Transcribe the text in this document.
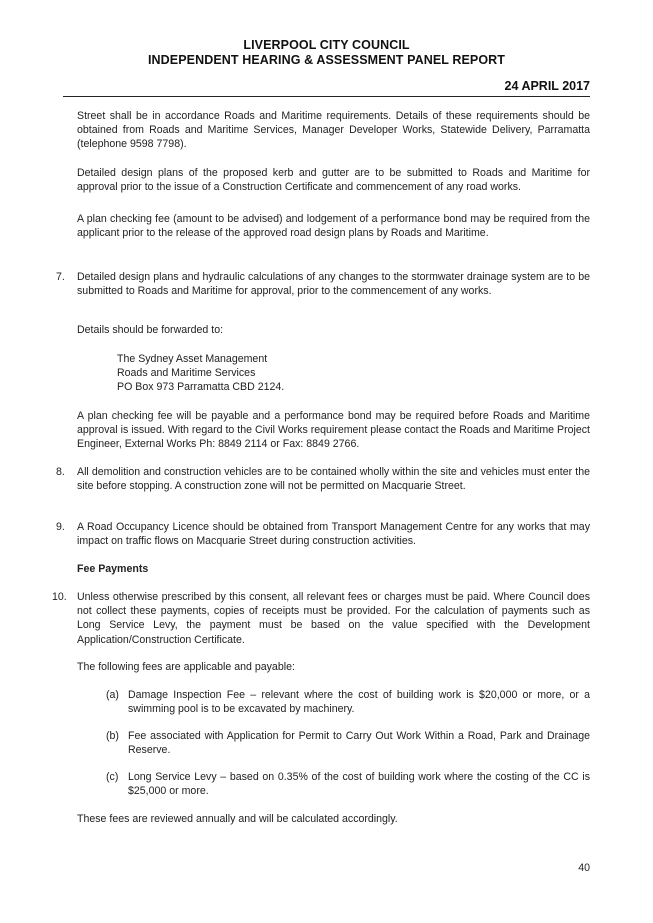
LIVERPOOL CITY COUNCIL
INDEPENDENT HEARING & ASSESSMENT PANEL REPORT
24 APRIL 2017

Street shall be in accordance Roads and Maritime requirements. Details of these requirements should be obtained from Roads and Maritime Services, Manager Developer Works, Statewide Delivery, Parramatta (telephone 9598 7798).

Detailed design plans of the proposed kerb and gutter are to be submitted to Roads and Maritime for approval prior to the issue of a Construction Certificate and commencement of any road works.

A plan checking fee (amount to be advised) and lodgement of a performance bond may be required from the applicant prior to the release of the approved road design plans by Roads and Maritime.

7.	Detailed design plans and hydraulic calculations of any changes to the stormwater drainage system are to be submitted to Roads and Maritime for approval, prior to the commencement of any works.

Details should be forwarded to:

The Sydney Asset Management

Roads and Maritime Services

PO Box 973 Parramatta CBD 2124.

A plan checking fee will be payable and a performance bond may be required before Roads and Maritime approval is issued. With regard to the Civil Works requirement please contact the Roads and Maritime Project Engineer, External Works Ph: 8849 2114 or Fax: 8849 2766.

8.	All demolition and construction vehicles are to be contained wholly within the site and vehicles must enter the site before stopping. A construction zone will not be permitted on Macquarie Street.

9.	A Road Occupancy Licence should be obtained from Transport Management Centre for any works that may impact on traffic flows on Macquarie Street during construction activities.

Fee Payments

10. Unless otherwise prescribed by this consent, all relevant fees or charges must be paid. Where Council does not collect these payments, copies of receipts must be provided. For the calculation of payments such as Long Service Levy, the payment must be based on the value specified with the Development Application/Construction Certificate.

The following fees are applicable and payable:

(a) Damage Inspection Fee – relevant where the cost of building work is $20,000 or more, or a swimming pool is to be excavated by machinery.

(b) Fee associated with Application for Permit to Carry Out Work Within a Road, Park and Drainage Reserve.

(c) Long Service Levy – based on 0.35% of the cost of building work where the costing of the CC is $25,000 or more.

These fees are reviewed annually and will be calculated accordingly.

40
